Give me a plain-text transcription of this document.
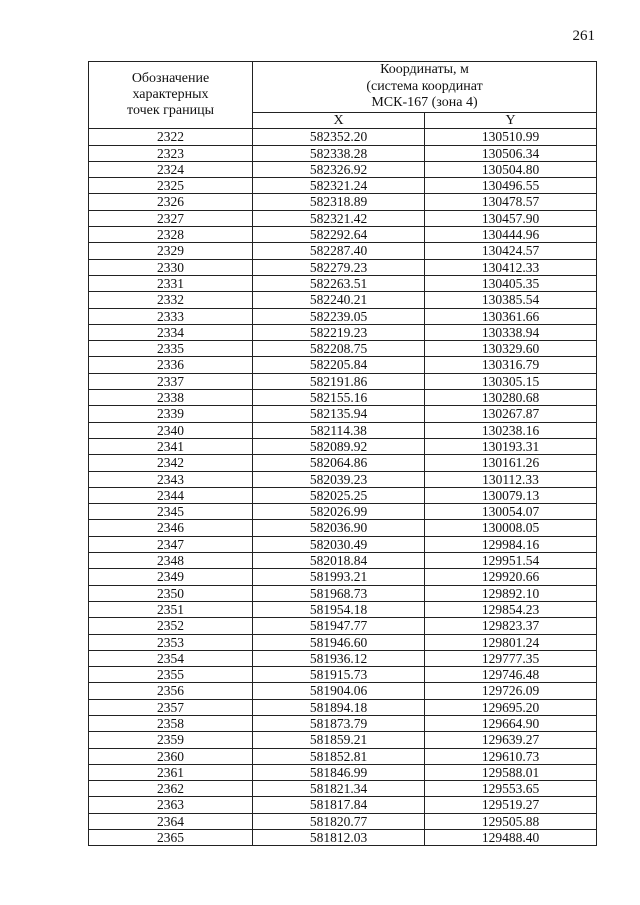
261
Обозначение
характерных
точек границы	Координаты, м
(система координат
МСК-167 (зона 4)	

	X	Y
2322	582352.20	130510.99
2323	582338.28	130506.34
2324	582326.92	130504.80
2325	582321.24	130496.55
2326	582318.89	130478.57
2327	582321.42	130457.90
2328	582292.64	130444.96
2329	582287.40	130424.57
2330	582279.23	130412.33
2331	582263.51	130405.35
2332	582240.21	130385.54
2333	582239.05	130361.66
2334	582219.23	130338.94
2335	582208.75	130329.60
2336	582205.84	130316.79
2337	582191.86	130305.15
2338	582155.16	130280.68
2339	582135.94	130267.87
2340	582114.38	130238.16
2341	582089.92	130193.31
2342	582064.86	130161.26
2343	582039.23	130112.33
2344	582025.25	130079.13
2345	582026.99	130054.07
2346	582036.90	130008.05
2347	582030.49	129984.16
2348	582018.84	129951.54
2349	581993.21	129920.66
2350	581968.73	129892.10
2351	581954.18	129854.23
2352	581947.77	129823.37
2353	581946.60	129801.24
2354	581936.12	129777.35
2355	581915.73	129746.48
2356	581904.06	129726.09
2357	581894.18	129695.20
2358	581873.79	129664.90
2359	581859.21	129639.27
2360	581852.81	129610.73
2361	581846.99	129588.01
2362	581821.34	129553.65
2363	581817.84	129519.27
2364	581820.77	129505.88
2365	581812.03	129488.40
